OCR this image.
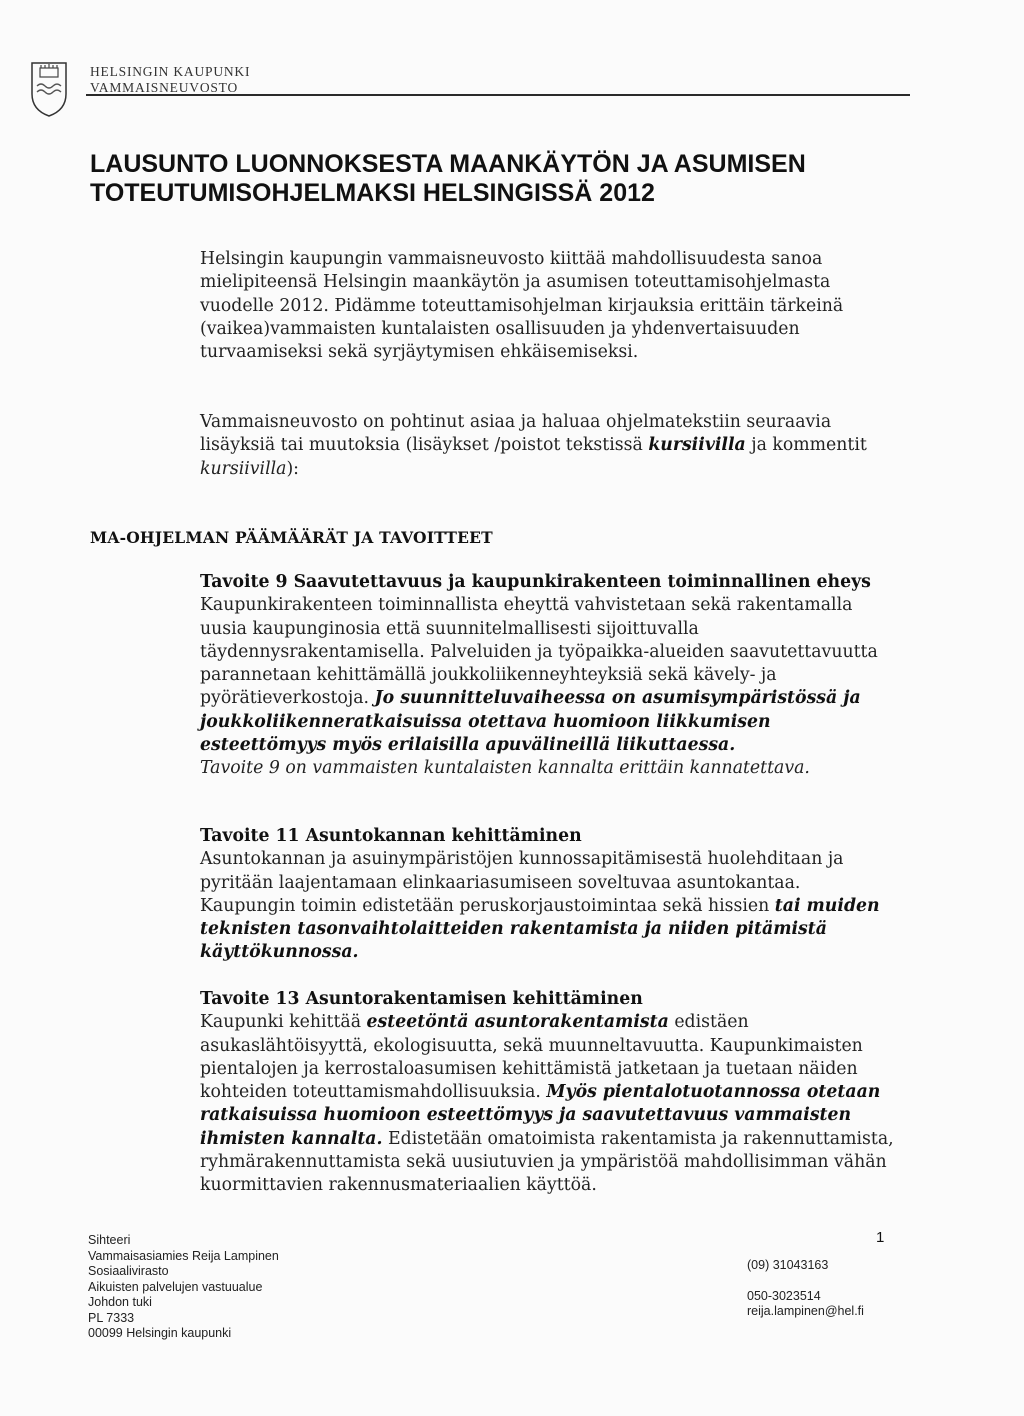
HELSINGIN KAUPUNKI
VAMMAISNEUVOSTO
LAUSUNTO LUONNOKSESTA MAANKÄYTÖN JA ASUMISEN
TOTEUTUMISOHJELMAKSI HELSINGISSÄ 2012

Helsingin kaupungin vammaisneuvosto kiittää mahdollisuudesta sanoa mielipiteensä Helsingin maankäytön ja asumisen toteuttamisohjelmasta vuodelle 2012. Pidämme toteuttamisohjelman kirjauksia erittäin tärkeinä (vaikea)vammaisten kuntalaisten osallisuuden ja yhdenvertaisuuden turvaamiseksi sekä syrjäytymisen ehkäisemiseksi.

Vammaisneuvosto on pohtinut asiaa ja haluaa ohjelmatekstiin seuraavia lisäyksiä tai muutoksia (lisäykset /poistot tekstissä kursiivilla ja kommentit kursiivilla):

MA-OHJELMAN PÄÄMÄÄRÄT JA TAVOITTEET

Tavoite 9 Saavutettavuus ja kaupunkirakenteen toiminnallinen eheys Kaupunkirakenteen toiminnallista eheyttä vahvistetaan sekä rakentamalla uusia kaupunginosia että suunnitelmallisesti sijoittuvalla täydennysrakentamisella. Palveluiden ja työpaikka-alueiden saavutettavuutta parannetaan kehittämällä joukkoliikenneyhteyksiä sekä kävely- ja pyörätieverkostoja. Jo suunnitteluvaiheessa on asumisympäristössä ja joukkoliikenneratkaisuissa otettava huomioon liikkumisen esteettömyys myös erilaisilla apuvälineillä liikuttaessa.
Tavoite 9 on vammaisten kuntalaisten kannalta erittäin kannatettava.

Tavoite 11 Asuntokannan kehittäminen
Asuntokannan ja asuinympäristöjen kunnossapitämisestä huolehditaan ja pyritään laajentamaan elinkaariasumiseen soveltuvaa asuntokantaa. Kaupungin toimin edistetään peruskorjaustoimintaa sekä hissien tai muiden teknisten tasonvaihtolaitteiden rakentamista ja niiden pitämistä käyttökunnossa.

Tavoite 13 Asuntorakentamisen kehittäminen
Kaupunki kehittää esteetöntä asuntorakentamista edistäen asukaslähtöisyyttä, ekologisuutta, sekä muunneltavuutta. Kaupunkimaisten pientalojen ja kerrostaloasumisen kehittämistä jatketaan ja tuetaan näiden kohteiden toteuttamismahdollisuuksia. Myös pientalotuotannossa otetaan ratkaisuissa huomioon esteettömyys ja saavutettavuus vammaisten ihmisten kannalta. Edistetään omatoimista rakentamista ja rakennuttamista, ryhmärakennuttamista sekä uusiutuvien ja ympäristöä mahdollisimman vähän kuormittavien rakennusmateriaalien käyttöä.

Sihteeri
Vammaisasiamies Reija Lampinen
Sosiaalivirasto
Aikuisten palvelujen vastuualue
Johdon tuki
PL 7333
00099 Helsingin kaupunki
1
(09) 31043163
050-3023514
reija.lampinen@hel.fi
